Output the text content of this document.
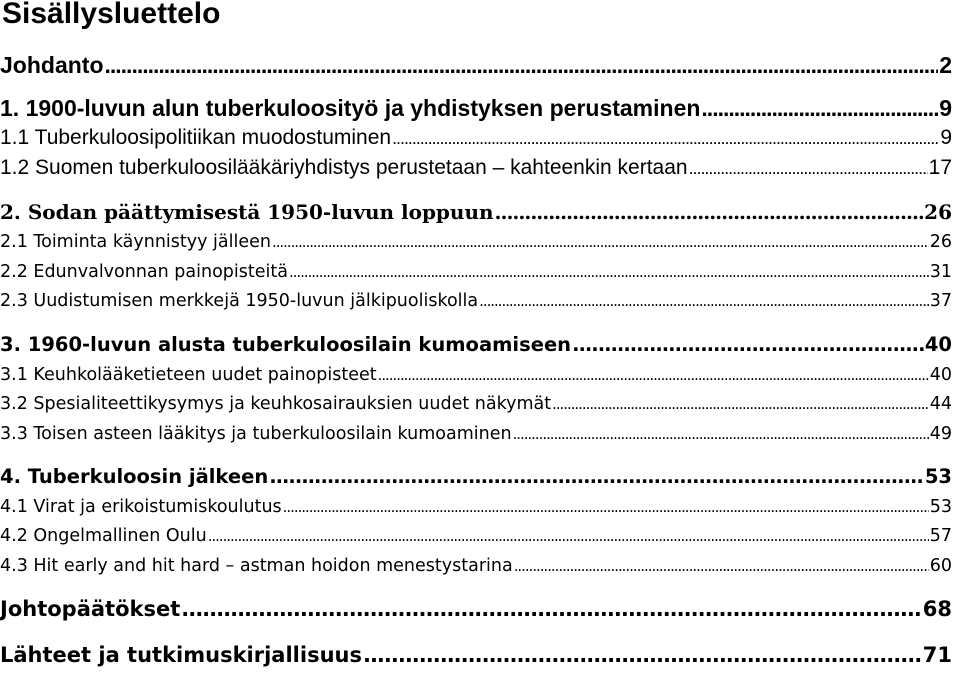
Sisällysluettelo
Johdanto .....	2
1. 1900-luvun alun tuberkuloosityö ja yhdistyksen perustaminen .....	9
1.1 Tuberkuloosipolitiikan muodostuminen .....	9
1.2 Suomen tuberkuloosilääkäriyhdistys perustetaan – kahteenkin kertaan .....	17
2. Sodan päättymisestä 1950-luvun loppuun .....	26
2.1 Toiminta käynnistyy jälleen .....	26
2.2 Edunvalvonnan painopisteitä .....	31
2.3 Uudistumisen merkkejä 1950-luvun jälkipuoliskolla .....	37
3. 1960-luvun alusta tuberkuloosilain kumoamiseen .....	40
3.1 Keuhkolääketieteen uudet painopisteet .....	40
3.2 Spesialiteettikysymys ja keuhkosairauksien uudet näkymät .....	44
3.3 Toisen asteen lääkitys ja tuberkuloosilain kumoaminen .....	49
4. Tuberkuloosin jälkeen .....	53
4.1 Virat ja erikoistumiskoulutus .....	53
4.2 Ongelmallinen Oulu .....	57
4.3 Hit early and hit hard – astman hoidon menestystarina .....	60
Johtopäätökset .....	68
Lähteet ja tutkimuskirjallisuus .....	71
